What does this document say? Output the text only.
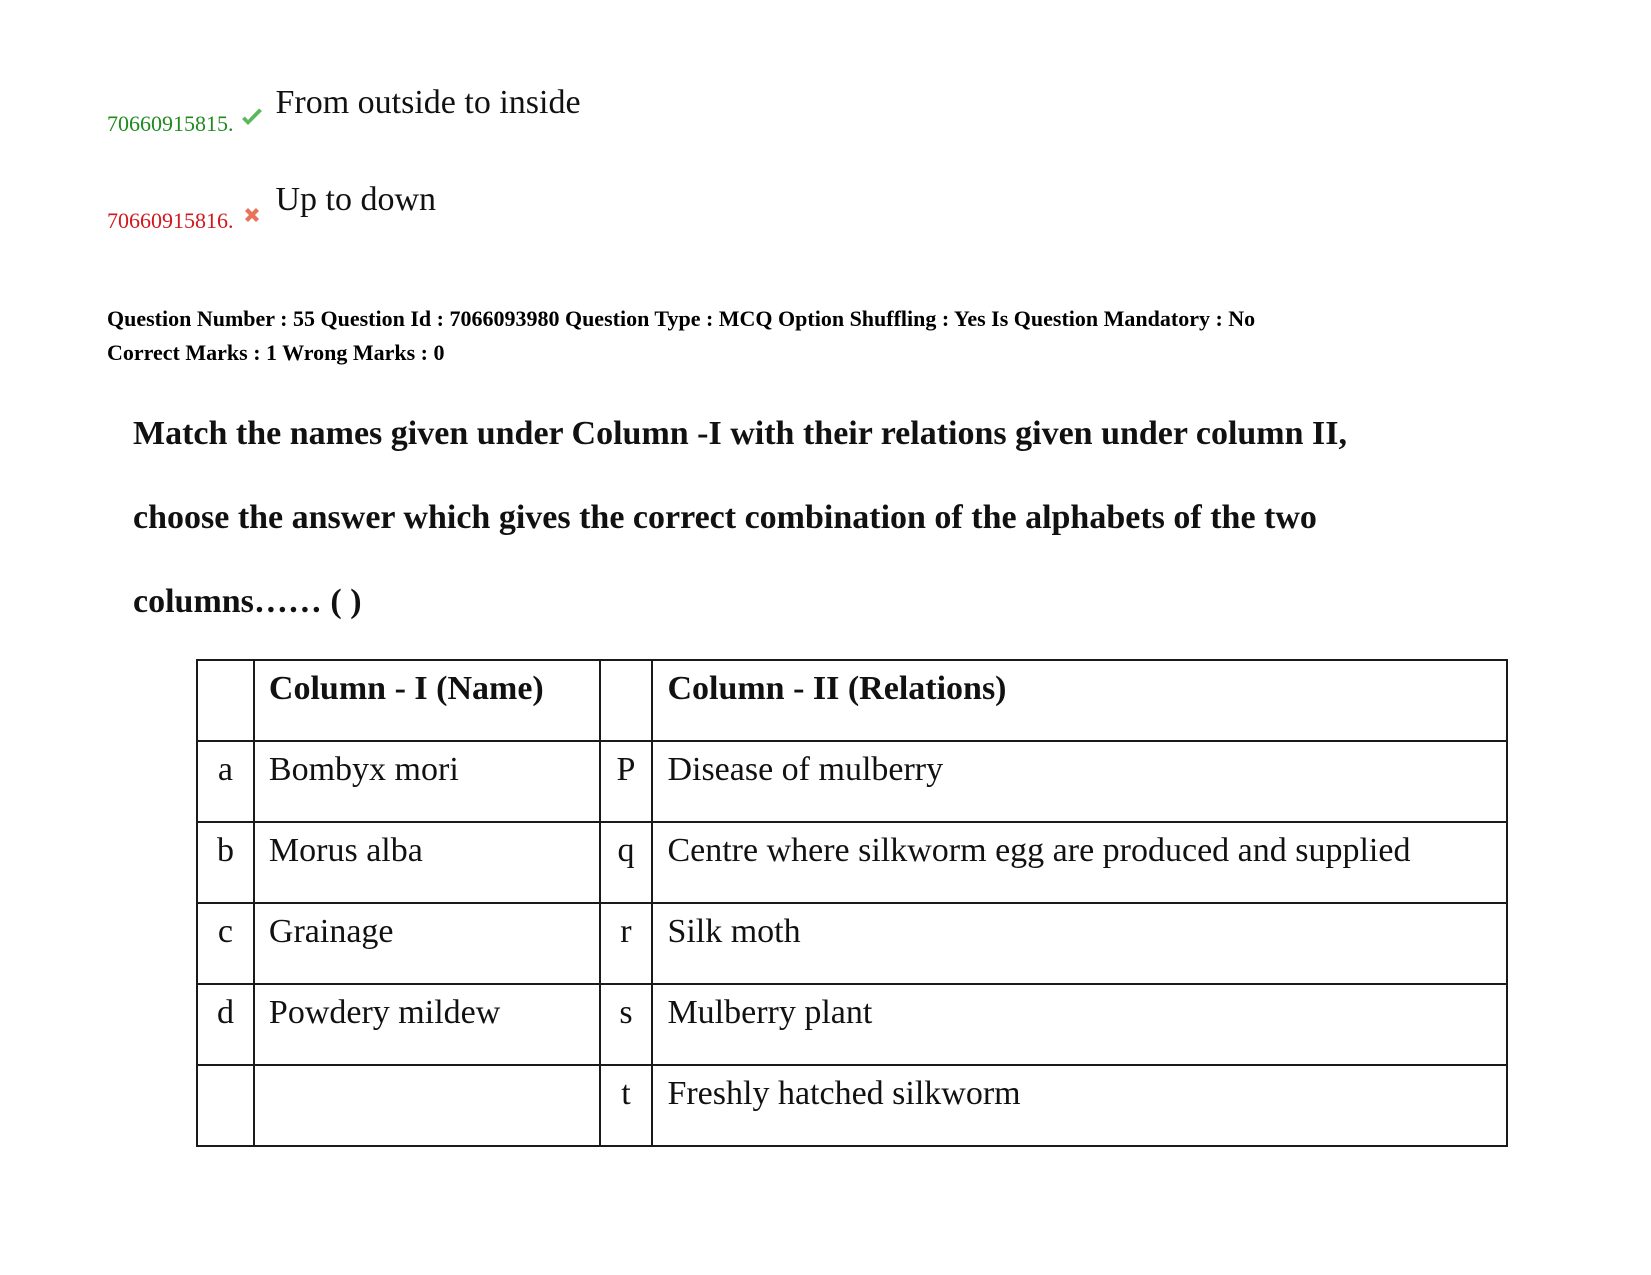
70660915815.
From outside to inside
70660915816.
Up to down
Question Number : 55 Question Id : 7066093980 Question Type : MCQ Option Shuffling : Yes Is Question Mandatory : No
Correct Marks : 1 Wrong Marks : 0

Match the names given under Column -I with their relations given under column II,

choose the answer which gives the correct combination of the alphabets of the two

columns…… ( )

	Column - I (Name)		Column - II (Relations)
a	Bombyx mori	P	Disease of mulberry
b	Morus alba	q	Centre where silkworm egg are produced and supplied
c	Grainage	r	Silk moth
d	Powdery mildew	s	Mulberry plant
		t	Freshly hatched silkworm
